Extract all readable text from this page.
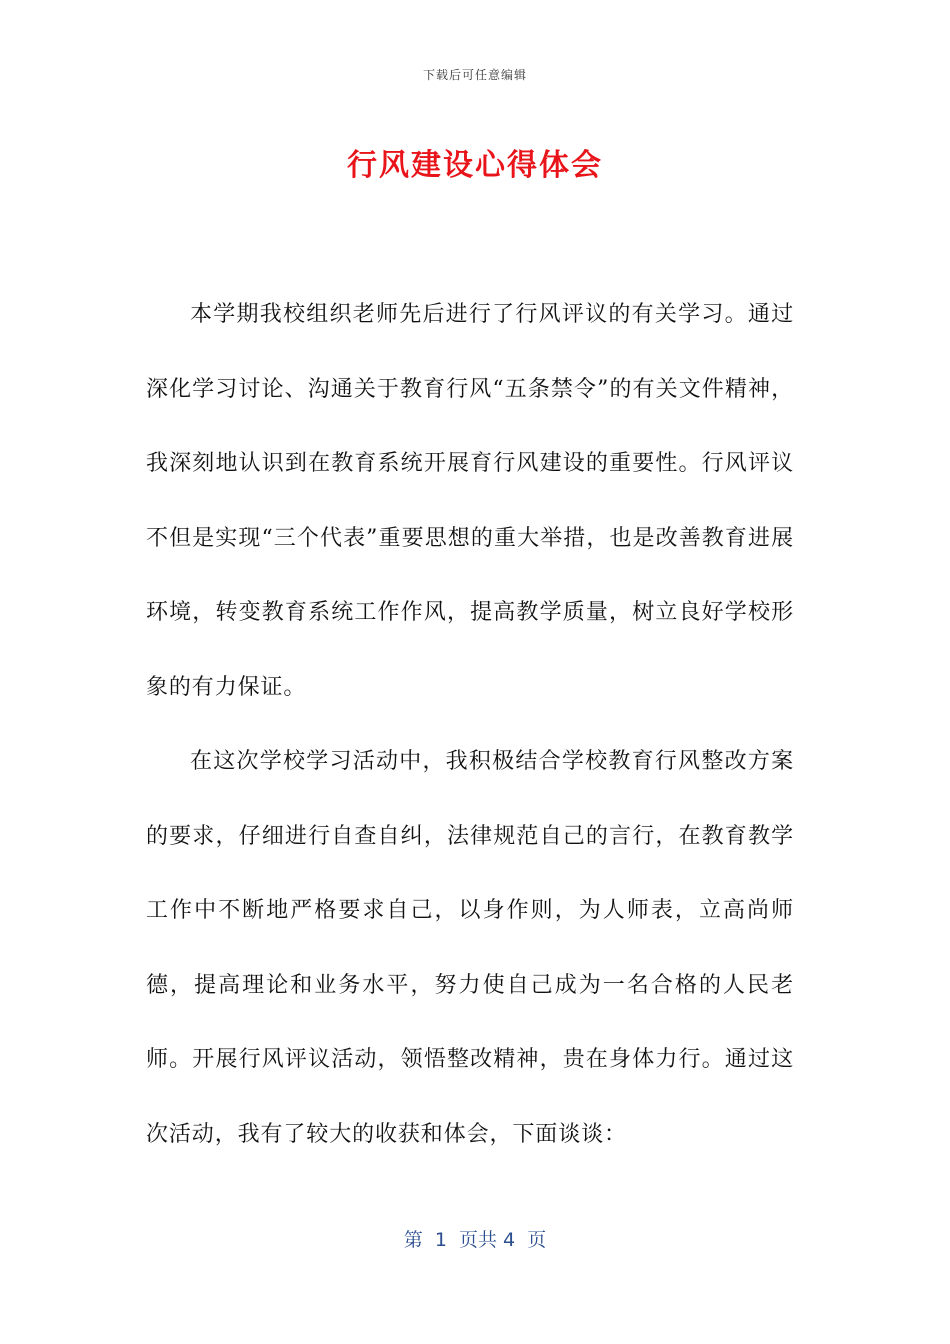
下载后可任意编辑
行风建设心得体会

本学期我校组织老师先后进行了行风评议的有关学习。通过深化学习讨论、沟通关于教育行风“五条禁令”的有关文件精神，我深刻地认识到在教育系统开展育行风建设的重要性。行风评议不但是实现“三个代表”重要思想的重大举措，也是改善教育进展环境，转变教育系统工作作风，提高教学质量，树立良好学校形象的有力保证。

在这次学校学习活动中，我积极结合学校教育行风整改方案的要求，仔细进行自查自纠，法律规范自己的言行，在教育教学工作中不断地严格要求自己，以身作则，为人师表，立高尚师德，提高理论和业务水平，努力使自己成为一名合格的人民老师。开展行风评议活动，领悟整改精神，贵在身体力行。通过这次活动，我有了较大的收获和体会，下面谈谈：

第  1  页共 4  页
